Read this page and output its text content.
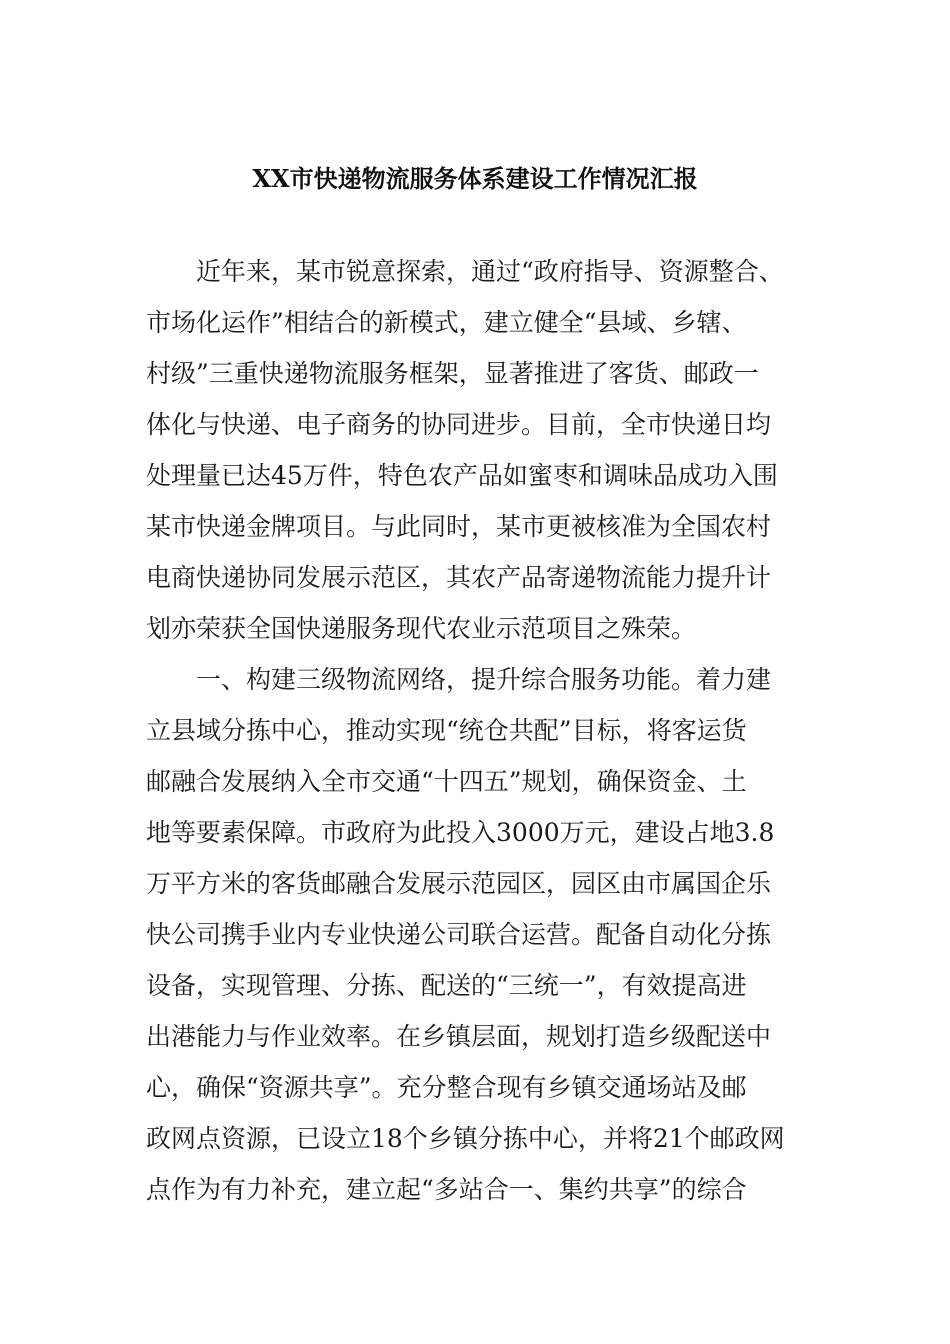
XX市快递物流服务体系建设工作情况汇报
　　近年来，某市锐意探索，通过“政府指导、资源整合、
市场化运作”相结合的新模式，建立健全“县域、乡辖、
村级”三重快递物流服务框架，显著推进了客货、邮政一
体化与快递、电子商务的协同进步。目前，全市快递日均
处理量已达45万件，特色农产品如蜜枣和调味品成功入围
某市快递金牌项目。与此同时，某市更被核准为全国农村
电商快递协同发展示范区，其农产品寄递物流能力提升计
划亦荣获全国快递服务现代农业示范项目之殊荣。
　　一、构建三级物流网络，提升综合服务功能。着力建
立县域分拣中心，推动实现“统仓共配”目标，将客运货
邮融合发展纳入全市交通“十四五”规划，确保资金、土
地等要素保障。市政府为此投入3000万元，建设占地3.8
万平方米的客货邮融合发展示范园区，园区由市属国企乐
快公司携手业内专业快递公司联合运营。配备自动化分拣
设备，实现管理、分拣、配送的“三统一”，有效提高进
出港能力与作业效率。在乡镇层面，规划打造乡级配送中
心，确保“资源共享”。充分整合现有乡镇交通场站及邮
政网点资源，已设立18个乡镇分拣中心，并将21个邮政网
点作为有力补充，建立起“多站合一、集约共享”的综合
